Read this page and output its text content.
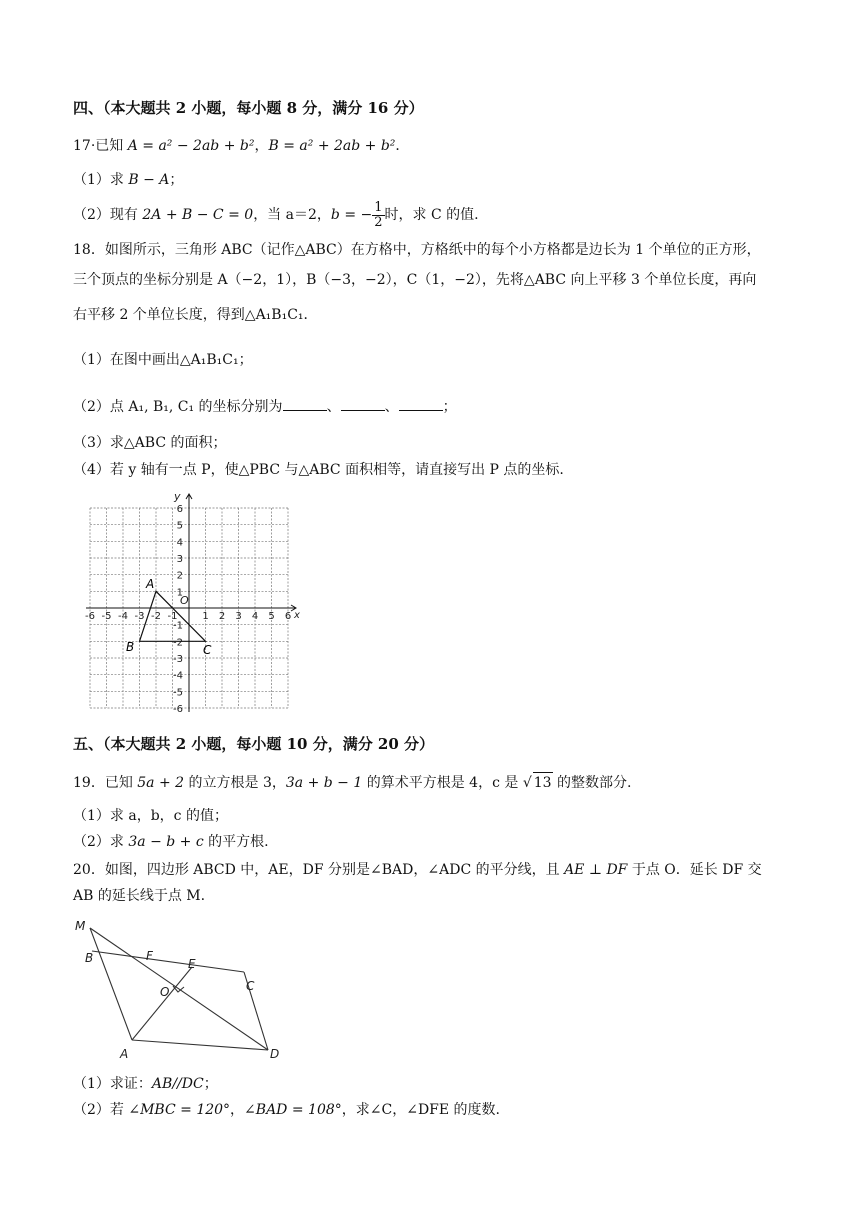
四、（本大题共 2 小题，每小题 8 分，满分 16 分）
17·已知 A = a² − 2ab + b²，B = a² + 2ab + b²．
（1）求 B − A；
（2）现有 2A + B − C = 0，当 a＝2，b = − $\frac{1}{2}$ 时，求 C 的值.
18．如图所示，三角形 ABC（记作△ABC）在方格中，方格纸中的每个小方格都是边长为 1 个单位的正方形，
三个顶点的坐标分别是 A（−2，1），B（−3，−2），C（1，−2），先将△ABC 向上平移 3 个单位长度，再向
右平移 2 个单位长度，得到△A₁B₁C₁．
（1）在图中画出△A₁B₁C₁；
（2）点 A₁, B₁, C₁ 的坐标分别为	、	、	；
（3）求△ABC 的面积；
（4）若 y 轴有一点 P，使△PBC 与△ABC 面积相等，请直接写出 P 点的坐标.
-6 -5 -4 -3 -2 -1 1 2 3 4 5 6
6
5
4
3
2
1
-1
-2
-3
-4
-5
-6
O
x
y
A
B	C
五、（本大题共 2 小题，每小题 10 分，满分 20 分）
19．已知 5a + 2 的立方根是 3，3a + b − 1 的算术平方根是 4，c 是 √ 13 的整数部分.
（1）求 a，b，c 的值；
（2）求 3a − b + c 的平方根.
20．如图，四边形 ABCD 中，AE，DF 分别是∠BAD，∠ADC 的平分线，且 AE ⊥ DF 于点 O．延长 DF 交
AB 的延长线于点 M.
M
B	F
E
C
O
A	D
（1）求证：AB//DC；
（2）若 ∠MBC = 120°，∠BAD = 108°，求∠C，∠DFE 的度数.
